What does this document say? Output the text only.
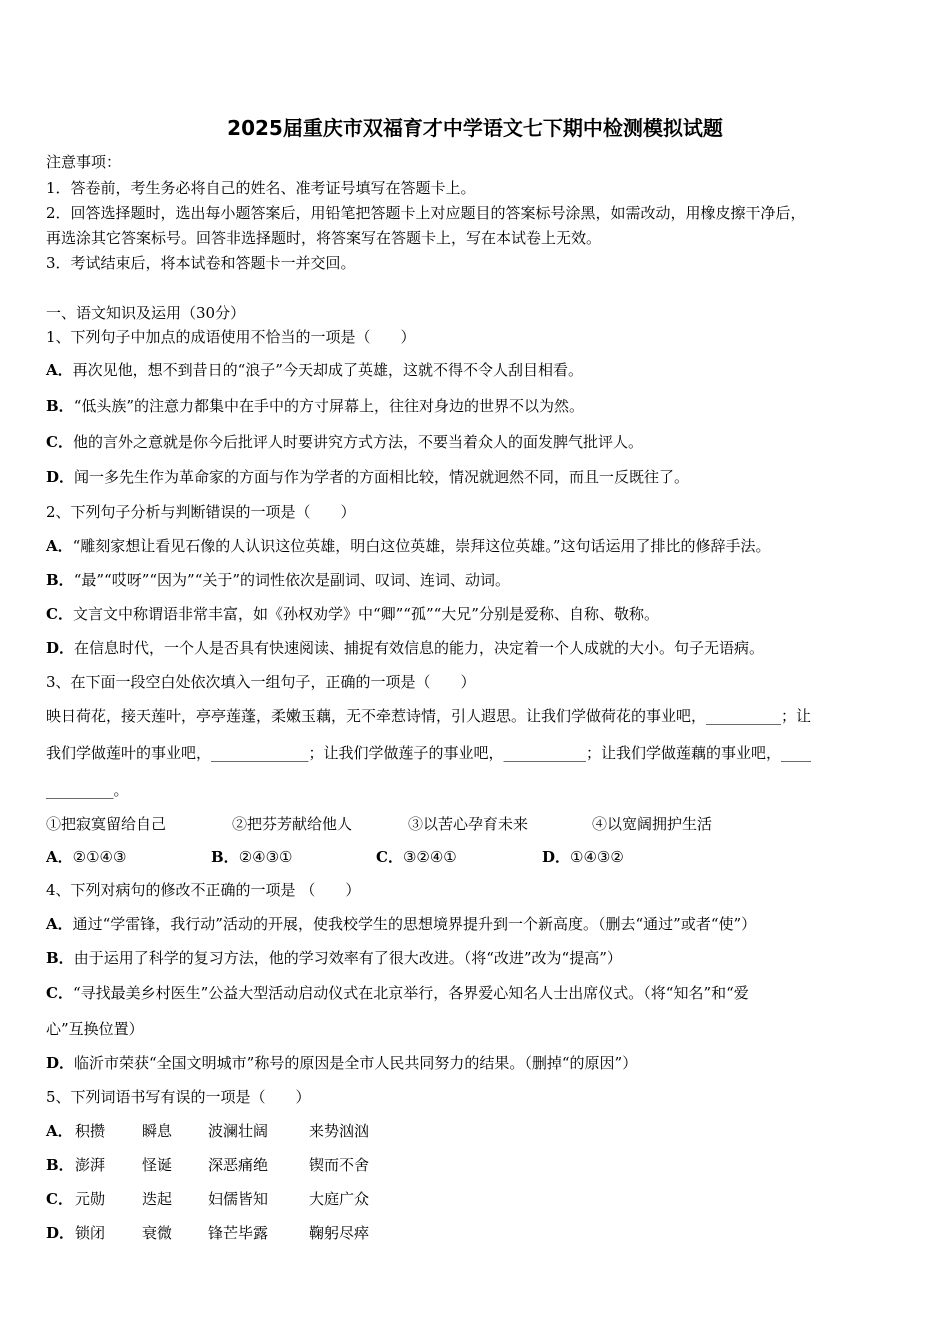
2025届重庆市双福育才中学语文七下期中检测模拟试题
注意事项：
1．答卷前，考生务必将自己的姓名、准考证号填写在答题卡上。
2．回答选择题时，选出每小题答案后，用铅笔把答题卡上对应题目的答案标号涂黑，如需改动，用橡皮擦干净后，
再选涂其它答案标号。回答非选择题时，将答案写在答题卡上，写在本试卷上无效。
3．考试结束后，将本试卷和答题卡一并交回。
一、语文知识及运用（30分）
1、下列句子中加点的成语使用不恰当的一项是（　　）
A．再次见他，想不到昔日的“浪子”今天却成了英雄，这就不得不令人刮目相看。
B．“低头族”的注意力都集中在手中的方寸屏幕上，往往对身边的世界不以为然。
C．他的言外之意就是你今后批评人时要讲究方式方法，不要当着众人的面发脾气批评人。
D．闻一多先生作为革命家的方面与作为学者的方面相比较，情况就迥然不同，而且一反既往了。
2、下列句子分析与判断错误的一项是（　　）
A．“雕刻家想让看见石像的人认识这位英雄，明白这位英雄，崇拜这位英雄。”这句话运用了排比的修辞手法。
B．“最”“哎呀”“因为”“关于”的词性依次是副词、叹词、连词、动词。
C．文言文中称谓语非常丰富，如《孙权劝学》中“卿”“孤”“大兄”分别是爱称、自称、敬称。
D．在信息时代，一个人是否具有快速阅读、捕捉有效信息的能力，决定着一个人成就的大小。句子无语病。
3、在下面一段空白处依次填入一组句子，正确的一项是（　　）
映日荷花，接天莲叶，亭亭莲蓬，柔嫩玉藕，无不牵惹诗情，引人遐思。让我们学做荷花的事业吧，__________；让
我们学做莲叶的事业吧，_____________；让我们学做莲子的事业吧，___________；让我们学做莲藕的事业吧，____
_________。
①把寂寞留给自己	②把芬芳献给他人	③以苦心孕育未来	④以宽阔拥护生活
A．②①④③	B．②④③①	C．③②④①	D．①④③②
4、下列对病句的修改不正确的一项是 （　　）
A．通过“学雷锋，我行动”活动的开展，使我校学生的思想境界提升到一个新高度。（删去“通过”或者“使”）
B．由于运用了科学的复习方法，他的学习效率有了很大改进。（将“改进”改为“提高”）
C．“寻找最美乡村医生”公益大型活动启动仪式在北京举行，各界爱心知名人士出席仪式。（将“知名”和“爱
心”互换位置）
D．临沂市荣获“全国文明城市”称号的原因是全市人民共同努力的结果。（删掉“的原因”）
5、下列词语书写有误的一项是（　　）
A． 积攒 瞬息 波澜壮阔	来势汹汹
B． 澎湃 怪诞 深恶痛绝	锲而不舍
C． 元勋 迭起 妇儒皆知	大庭广众
D． 锁闭 衰微 锋芒毕露	鞠躬尽瘁
